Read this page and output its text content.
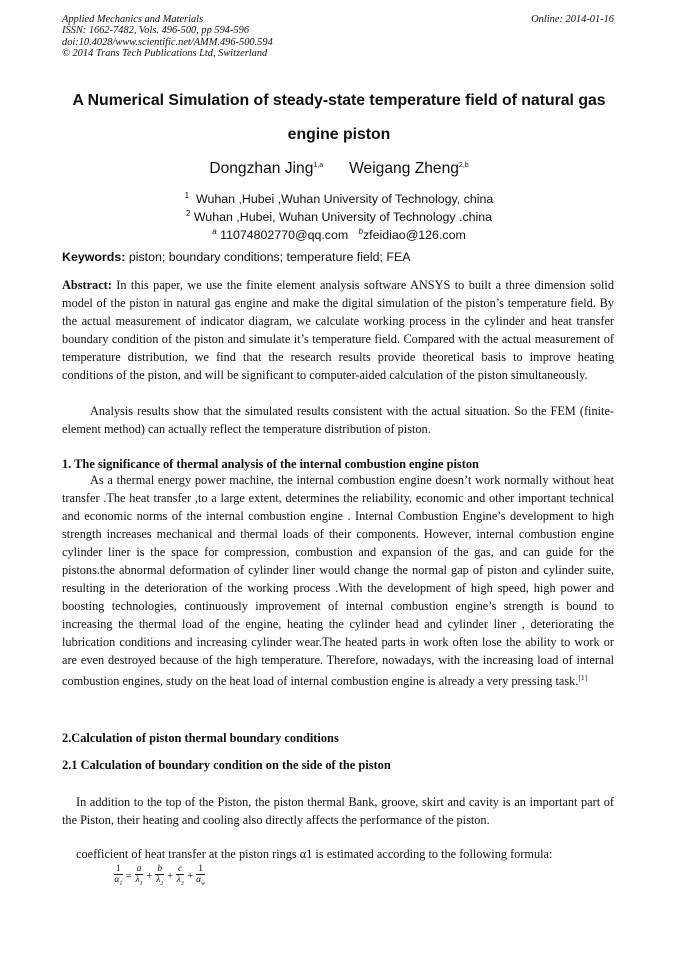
Applied Mechanics and Materials
ISSN: 1662-7482, Vols. 496-500, pp 594-596
doi:10.4028/www.scientific.net/AMM.496-500.594
© 2014 Trans Tech Publications Ltd, Switzerland
Online: 2014-01-16
A Numerical Simulation of steady-state temperature field of natural gas
engine piston
Dongzhan Jing$^{1,a}$ Weigang Zheng$^{2,b}$
$^1$ Wuhan ,Hubei ,Wuhan University of Technology, china
$^2$ Wuhan ,Hubei, Wuhan University of Technology .china
$^a$ 11074802770@qq.com $^b$zfeidiao@126.com
Keywords: piston; boundary conditions; temperature field; FEA
Abstract: In this paper, we use the finite element analysis software ANSYS to built a three dimension solid model of the piston in natural gas engine and make the digital simulation of the piston’s temperature field. By the actual measurement of indicator diagram, we calculate working process in the cylinder and heat transfer boundary condition of the piston and simulate it’s temperature field. Compared with the actual measurement of temperature distribution, we find that the research results provide theoretical basis to improve heating conditions of the piston, and will be significant to computer-aided calculation of the piston simultaneously.
Analysis results show that the simulated results consistent with the actual situation. So the FEM (finite-element method) can actually reflect the temperature distribution of piston.
1. The significance of thermal analysis of the internal combustion engine piston
As a thermal energy power machine, the internal combustion engine doesn’t work normally without heat transfer .The heat transfer ,to a large extent, determines the reliability, economic and other important technical and economic norms of the internal combustion engine . Internal Combustion Engine’s development to high strength increases mechanical and thermal loads of their components. However, internal combustion engine cylinder liner is the space for compression, combustion and expansion of the gas, and can guide for the pistons.the abnormal deformation of cylinder liner would change the normal gap of piston and cylinder suite, resulting in the deterioration of the working process .With the development of high speed, high power and boosting technologies, continuously improvement of internal combustion engine’s strength is bound to increasing the thermal load of the engine, heating the cylinder head and cylinder liner , deteriorating the lubrication conditions and increasing cylinder wear.The heated parts in work often lose the ability to work or are even destroyed because of the high temperature. Therefore, nowadays, with the increasing load of internal combustion engines, study on the heat load of internal combustion engine is already a very pressing task.[1]
2.Calculation of piston thermal boundary conditions
2.1 Calculation of boundary condition on the side of the piston
In addition to the top of the Piston, the piston thermal Bank, groove, skirt and cavity is an important part of the Piston, their heating and cooling also directly affects the performance of the piston.
coefficient of heat transfer at the piston rings α1 is estimated according to the following formula:
$\frac{1}{\alpha_1} = \frac{a}{\lambda_1} + \frac{b}{\lambda_2} + \frac{c}{\lambda_3} + \frac{1}{\alpha_w}$
